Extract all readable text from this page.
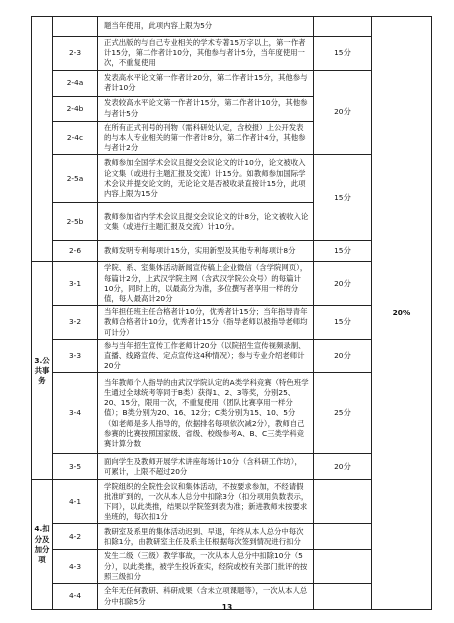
		题当年使用，此项内容上限为5分		20%
	2-3	正式出版的与自己专业相关的学术专著15万字以上，第一作者计15分，第二作者计10分，其他参与者计5分，当年度使用一次，不重复使用	15分	
	2-4a	发表高水平论文第一作者计20分，第二作者计15分，其他参与者计10分	20分	
	2-4b	发表较高水平论文第一作者计15分，第二作者计10分，其他参与者计5分		
	2-4c	在所有正式刊号的刊物（需科研处认定，含校报）上公开发表的与本人专业相关的第一作者计8分，第二作者计4分，其他参与者计2分		
	2-5a	教师参加全国学术会议且提交会议论文的计10分，论文被收入论文集（或进行主题汇报及交流）计15分。如教师参加国际学术会议并提交论文的，无论论文是否被收录直接计15分，此项内容上限为15分	15分	
	2-5b	教师参加省内学术会议且提交会议论文的计8分，论文被收入论文集（或进行主题汇报及交流）计10分。		
	2-6	教师发明专利每项计15分，实用新型及其他专利每项计8分	15分	
3.公共事务	3-1	学院、系、室集体活动新闻宣传稿上企业微信（含学院网页），每篇计2分，上武汉学院主网（含武汉学院公众号）的每篇计10分，同时上的，以最高分为准，多位撰写者享用一样的分值，每人最高计20分	20分	
	3-2	当年担任班主任合格者计10分，优秀者计15分；当年指导青年教师合格者计10分，优秀者计15分（指导老师以被指导老师均可计分）	15分	
	3-3	参与当年招生宣传工作老师计20分（以院招生宣传视频录制、直播、线路宣传、定点宣传这4种情况）；参与专业介绍老师计20分	20分	
	3-4	当年教师个人指导的由武汉学院认定的A类学科竞赛（特色班学生通过全球统考等同于B类）获得1、2、3等奖，分别25、20、15分，限用一次，不重复使用（团队比赛享用一样分值）；B类分别为20、16、12分；C类分别为15、10、5分（如老师是多人指导的，依据排名每项依次减2分），教师自己参赛的比赛按照国家级、省级、校级参考A、B、C三类学科竞赛计算分数	25分	
	3-5	面向学生及教师开展学术讲座每场计10分（含科研工作坊），可累计，上限不超过20分	20分	
4.扣分及加分项	4-1	学院组织的全院性会议和集体活动，不按要求参加，不经请假批准旷到的，一次从本人总分中扣除3分（扣分项用负数表示，下同），以此类推，结果以学院签到表为准；新进教师未按要求坐班的，每次扣1分		
	4-2	教研室及系里的集体活动迟到、早退，年终从本人总分中每次扣除1分，由教研室主任及系主任根据每次签到情况进行扣分		
	4-3	发生二级（三级）教学事故，一次从本人总分中扣除10分（5分），以此类推，被学生投诉查实，经院或校有关部门批评的按照三级扣分		
	4-4	全年无任何教研、科研成果（含未立项课题等），一次从本人总分中扣除5分		
13
